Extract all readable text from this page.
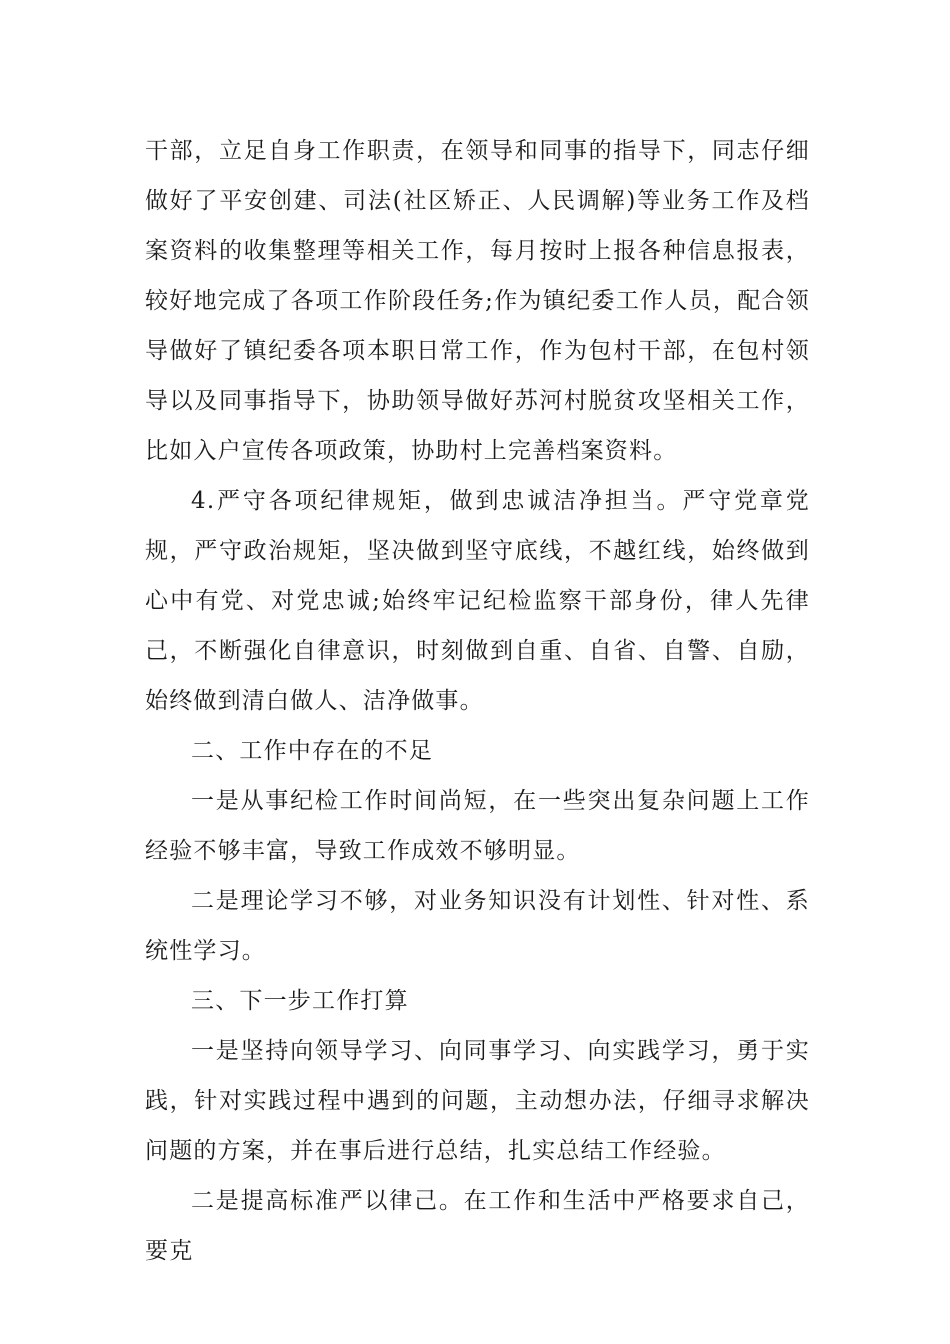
干部，立足自身工作职责，在领导和同事的指导下，同志仔细做好了平安创建、司法(社区矫正、人民调解)等业务工作及档案资料的收集整理等相关工作，每月按时上报各种信息报表，较好地完成了各项工作阶段任务;作为镇纪委工作人员，配合领导做好了镇纪委各项本职日常工作，作为包村干部，在包村领导以及同事指导下，协助领导做好苏河村脱贫攻坚相关工作，比如入户宣传各项政策，协助村上完善档案资料。

4.严守各项纪律规矩，做到忠诚洁净担当。严守党章党规，严守政治规矩，坚决做到坚守底线，不越红线，始终做到心中有党、对党忠诚;始终牢记纪检监察干部身份，律人先律己，不断强化自律意识，时刻做到自重、自省、自警、自励，始终做到清白做人、洁净做事。

二、工作中存在的不足

一是从事纪检工作时间尚短，在一些突出复杂问题上工作经验不够丰富，导致工作成效不够明显。

二是理论学习不够，对业务知识没有计划性、针对性、系统性学习。

三、下一步工作打算

一是坚持向领导学习、向同事学习、向实践学习，勇于实践，针对实践过程中遇到的问题，主动想办法，仔细寻求解决问题的方案，并在事后进行总结，扎实总结工作经验。

二是提高标准严以律己。在工作和生活中严格要求自己，要克
